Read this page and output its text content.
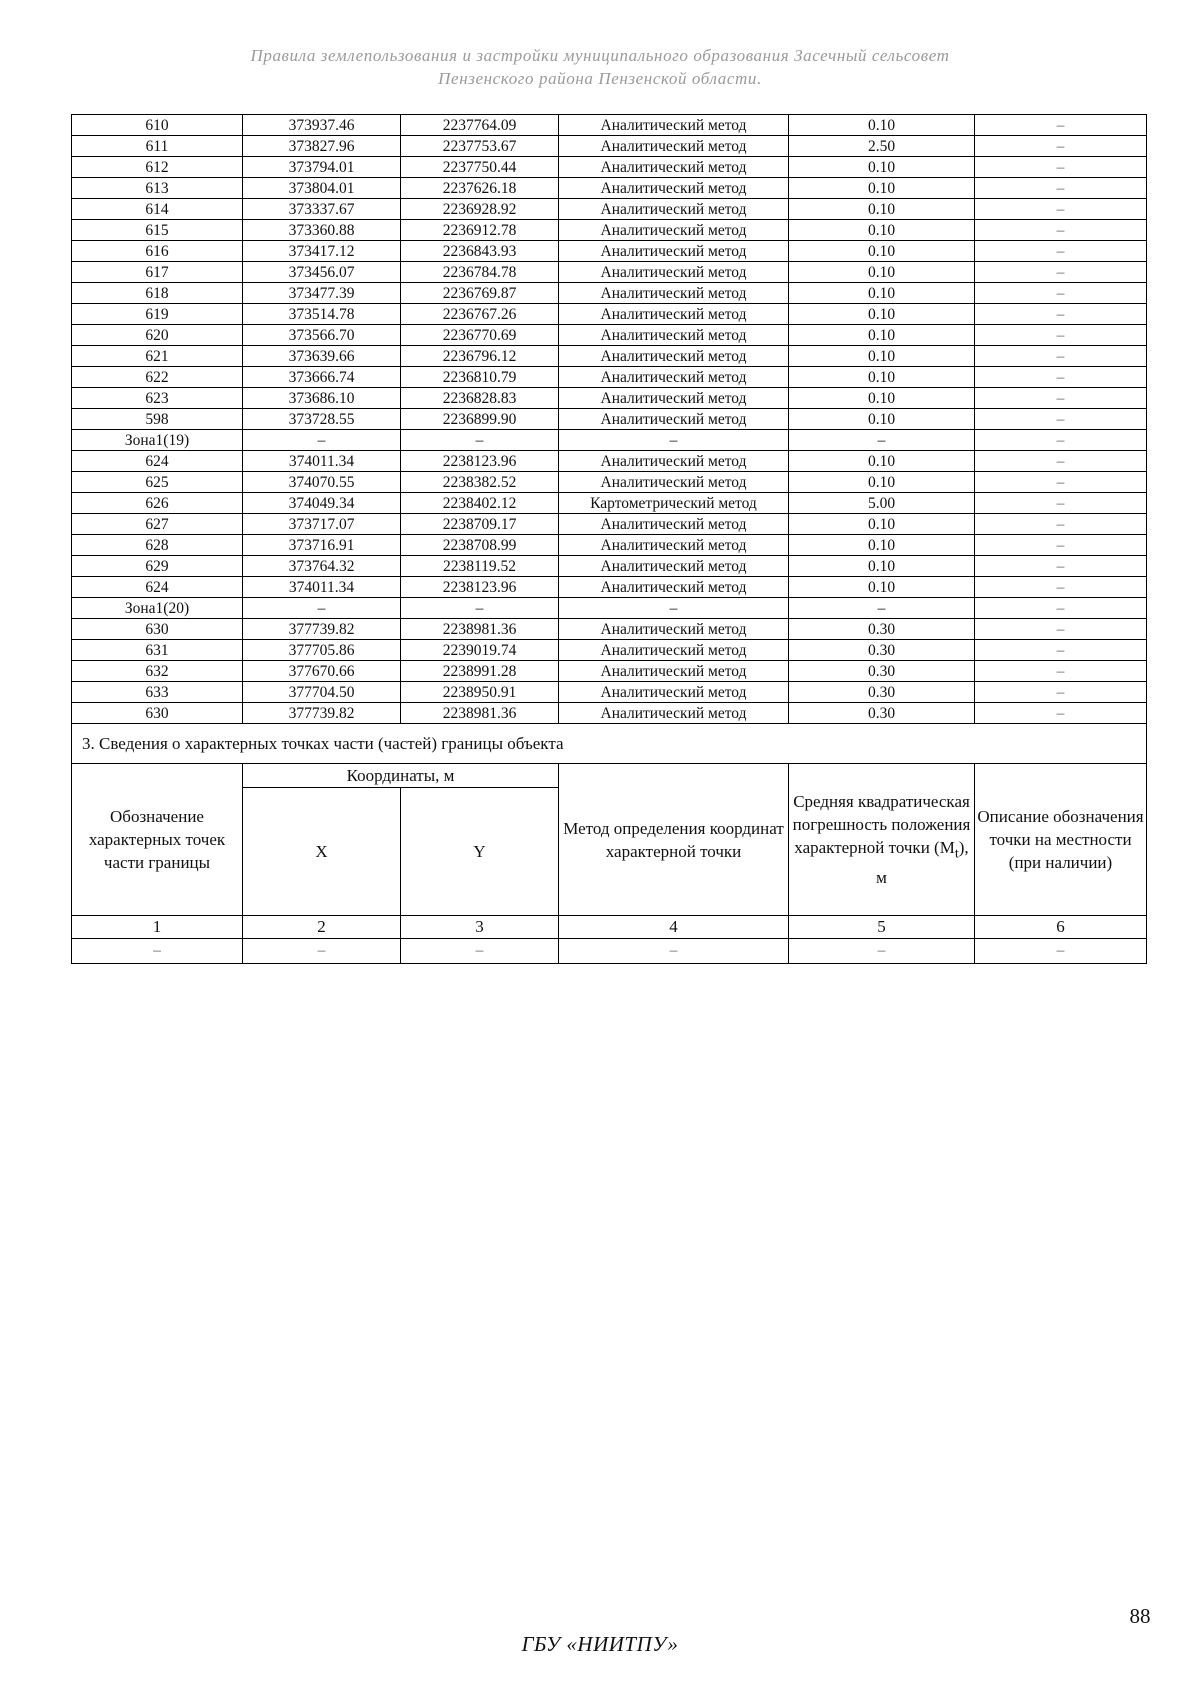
Правила землепользования и застройки муниципального образования Засечный сельсовет
Пензенского района Пензенской области.
610	373937.46	2237764.09	Аналитический метод	0.10	–
611	373827.96	2237753.67	Аналитический метод	2.50	–
612	373794.01	2237750.44	Аналитический метод	0.10	–
613	373804.01	2237626.18	Аналитический метод	0.10	–
614	373337.67	2236928.92	Аналитический метод	0.10	–
615	373360.88	2236912.78	Аналитический метод	0.10	–
616	373417.12	2236843.93	Аналитический метод	0.10	–
617	373456.07	2236784.78	Аналитический метод	0.10	–
618	373477.39	2236769.87	Аналитический метод	0.10	–
619	373514.78	2236767.26	Аналитический метод	0.10	–
620	373566.70	2236770.69	Аналитический метод	0.10	–
621	373639.66	2236796.12	Аналитический метод	0.10	–
622	373666.74	2236810.79	Аналитический метод	0.10	–
623	373686.10	2236828.83	Аналитический метод	0.10	–
598	373728.55	2236899.90	Аналитический метод	0.10	–
Зона1(19)	–	–	–	–	–
624	374011.34	2238123.96	Аналитический метод	0.10	–
625	374070.55	2238382.52	Аналитический метод	0.10	–
626	374049.34	2238402.12	Картометрический метод	5.00	–
627	373717.07	2238709.17	Аналитический метод	0.10	–
628	373716.91	2238708.99	Аналитический метод	0.10	–
629	373764.32	2238119.52	Аналитический метод	0.10	–
624	374011.34	2238123.96	Аналитический метод	0.10	–
Зона1(20)	–	–	–	–	–
630	377739.82	2238981.36	Аналитический метод	0.30	–
631	377705.86	2239019.74	Аналитический метод	0.30	–
632	377670.66	2238991.28	Аналитический метод	0.30	–
633	377704.50	2238950.91	Аналитический метод	0.30	–
630	377739.82	2238981.36	Аналитический метод	0.30	–
3. Сведения о характерных точках части (частей) границы объекта					
Обозначение характерных точек части границы	Координаты, м		Метод определения координат характерной точки	Средняя квадратическая погрешность положения характерной точки $(M_t)$, м	Описание обозначения точки на местности (при наличии)
	X	Y			
1	2	3	4	5	6
–	–	–	–	–	–
88
ГБУ «НИИТПУ»
